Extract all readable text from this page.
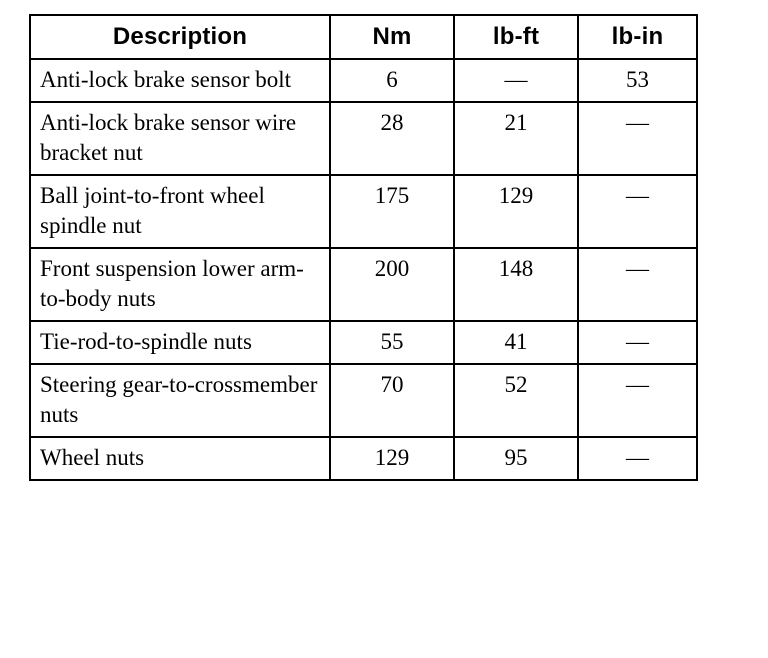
Description	Nm	lb-ft	lb-in
Anti-lock brake sensor bolt	6	—	53
Anti-lock brake sensor wire bracket nut	28	21	—
Ball joint-to-front wheel spindle nut	175	129	—
Front suspension lower arm-to-body nuts	200	148	—
Tie-rod-to-spindle nuts	55	41	—
Steering gear-to-crossmember nuts	70	52	—
Wheel nuts	129	95	—
